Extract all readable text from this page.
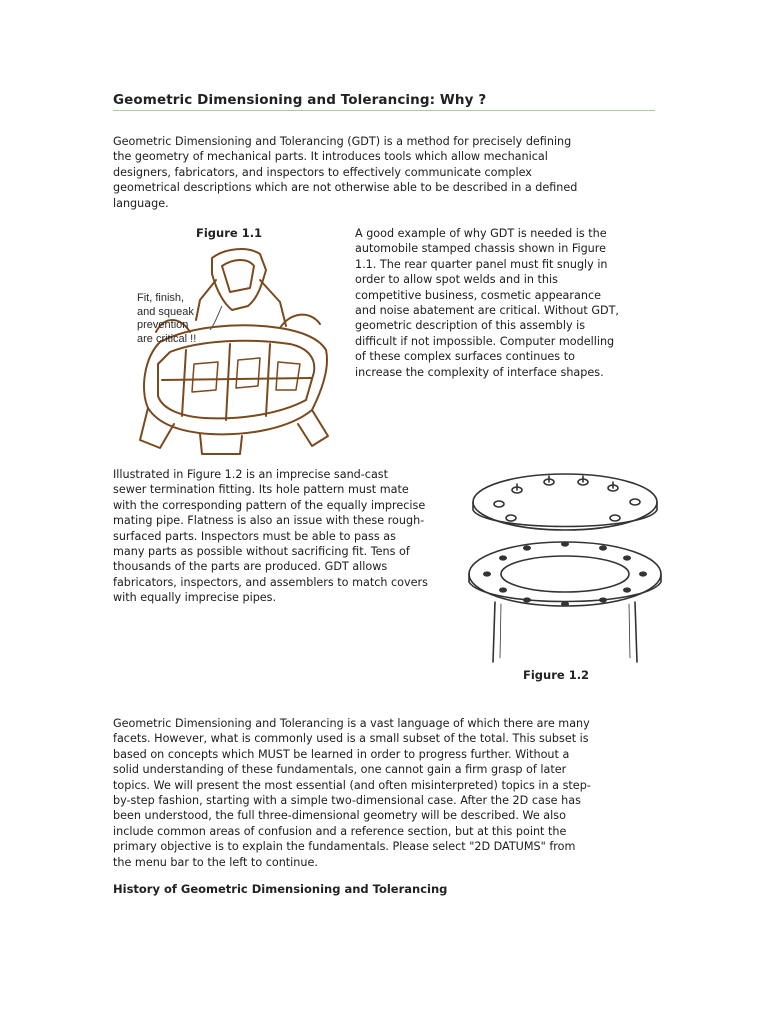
Geometric Dimensioning and Tolerancing: Why ?

Geometric Dimensioning and Tolerancing (GDT) is a method for precisely defining
the geometry of mechanical parts. It introduces tools which allow mechanical
designers, fabricators, and inspectors to effectively communicate complex
geometrical descriptions which are not otherwise able to be described in a defined
language.

Figure 1.1

Fit, finish,
and squeak
prevention
are critical !!

A good example of why GDT is needed is the
automobile stamped chassis shown in Figure
1.1. The rear quarter panel must fit snugly in
order to allow spot welds and in this
competitive business, cosmetic appearance
and noise abatement are critical. Without GDT,
geometric description of this assembly is
difficult if not impossible. Computer modelling
of these complex surfaces continues to
increase the complexity of interface shapes.

Illustrated in Figure 1.2 is an imprecise sand-cast
sewer termination fitting. Its hole pattern must mate
with the corresponding pattern of the equally imprecise
mating pipe. Flatness is also an issue with these rough-
surfaced parts. Inspectors must be able to pass as
many parts as possible without sacrificing fit. Tens of
thousands of the parts are produced. GDT allows
fabricators, inspectors, and assemblers to match covers
with equally imprecise pipes.

Figure 1.2

Geometric Dimensioning and Tolerancing is a vast language of which there are many
facets. However, what is commonly used is a small subset of the total. This subset is
based on concepts which MUST be learned in order to progress further. Without a
solid understanding of these fundamentals, one cannot gain a firm grasp of later
topics. We will present the most essential (and often misinterpreted) topics in a step-
by-step fashion, starting with a simple two-dimensional case. After the 2D case has
been understood, the full three-dimensional geometry will be described. We also
include common areas of confusion and a reference section, but at this point the
primary objective is to explain the fundamentals. Please select "2D DATUMS" from
the menu bar to the left to continue.

History of Geometric Dimensioning and Tolerancing
